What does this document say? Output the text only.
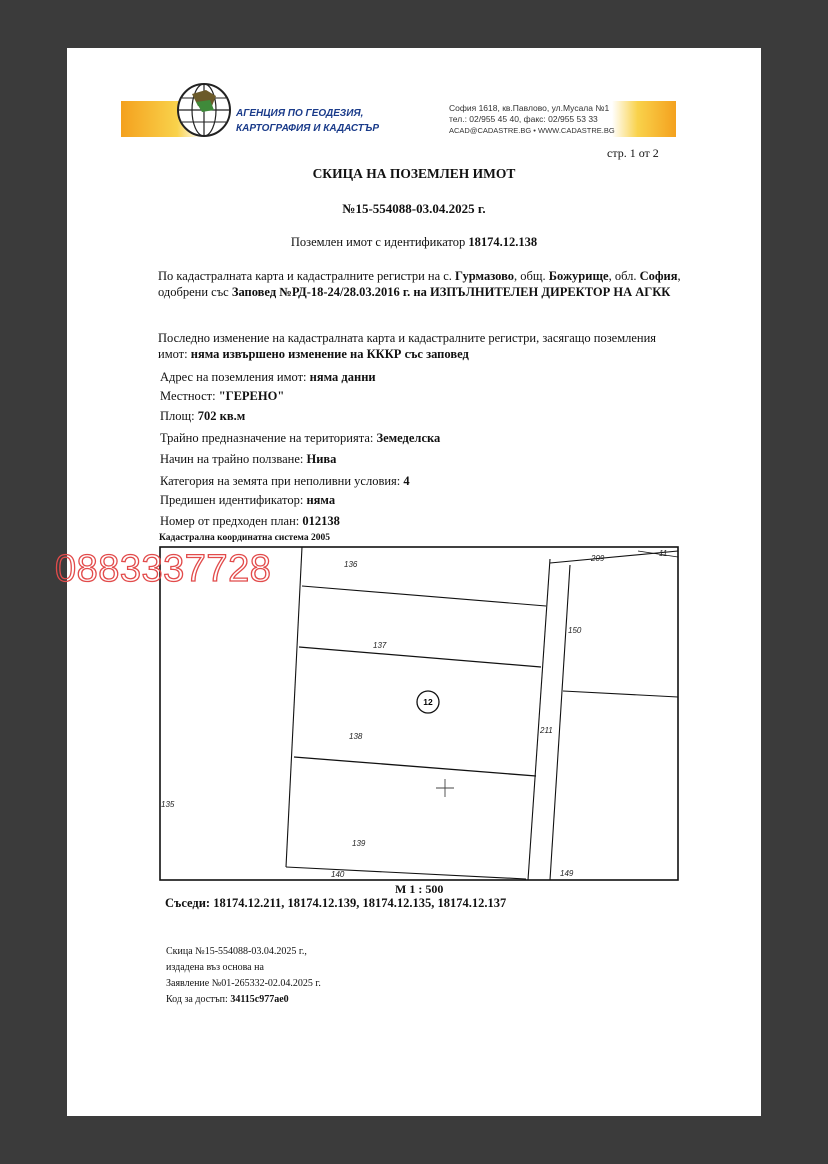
АГЕНЦИЯ ПО ГЕОДЕЗИЯ,
КАРТОГРАФИЯ И КАДАСТЪР
София 1618, кв.Павлово, ул.Мусала №1
тел.: 02/955 45 40, факс: 02/955 53 33
ACAD@CADASTRE.BG • WWW.CADASTRE.BG
стр. 1 от 2
СКИЦА НА ПОЗЕМЛЕН ИМОТ
№15-554088-03.04.2025 г.
Поземлен имот с идентификатор 18174.12.138
По кадастралната карта и кадастралните регистри на с. Гурмазово, общ. Божурище, обл. София, одобрени със Заповед №РД-18-24/28.03.2016 г. на ИЗПЪЛНИТЕЛЕН ДИРЕКТОР НА АГКК
Последно изменение на кадастралната карта и кадастралните регистри, засягащо поземления имот: няма извършено изменение на КККР със заповед
Адрес на поземления имот: няма данни
Местност: "ГЕРЕНО"
Площ: 702 кв.м
Трайно предназначение на територията: Земеделска
Начин на трайно ползване: Нива
Категория на земята при неполивни условия: 4
Предишен идентификатор: няма
Номер от предходен план: 012138
Кадастрална координатна система 2005
12
136
137
138
139
140
135
209
150
211
149
11
0883337728
М 1 : 500
Съседи: 18174.12.211, 18174.12.139, 18174.12.135, 18174.12.137
Скица №15-554088-03.04.2025 г.,
издадена въз основа на
Заявление №01-265332-02.04.2025 г.
Код за достъп: 34115c977ae0
